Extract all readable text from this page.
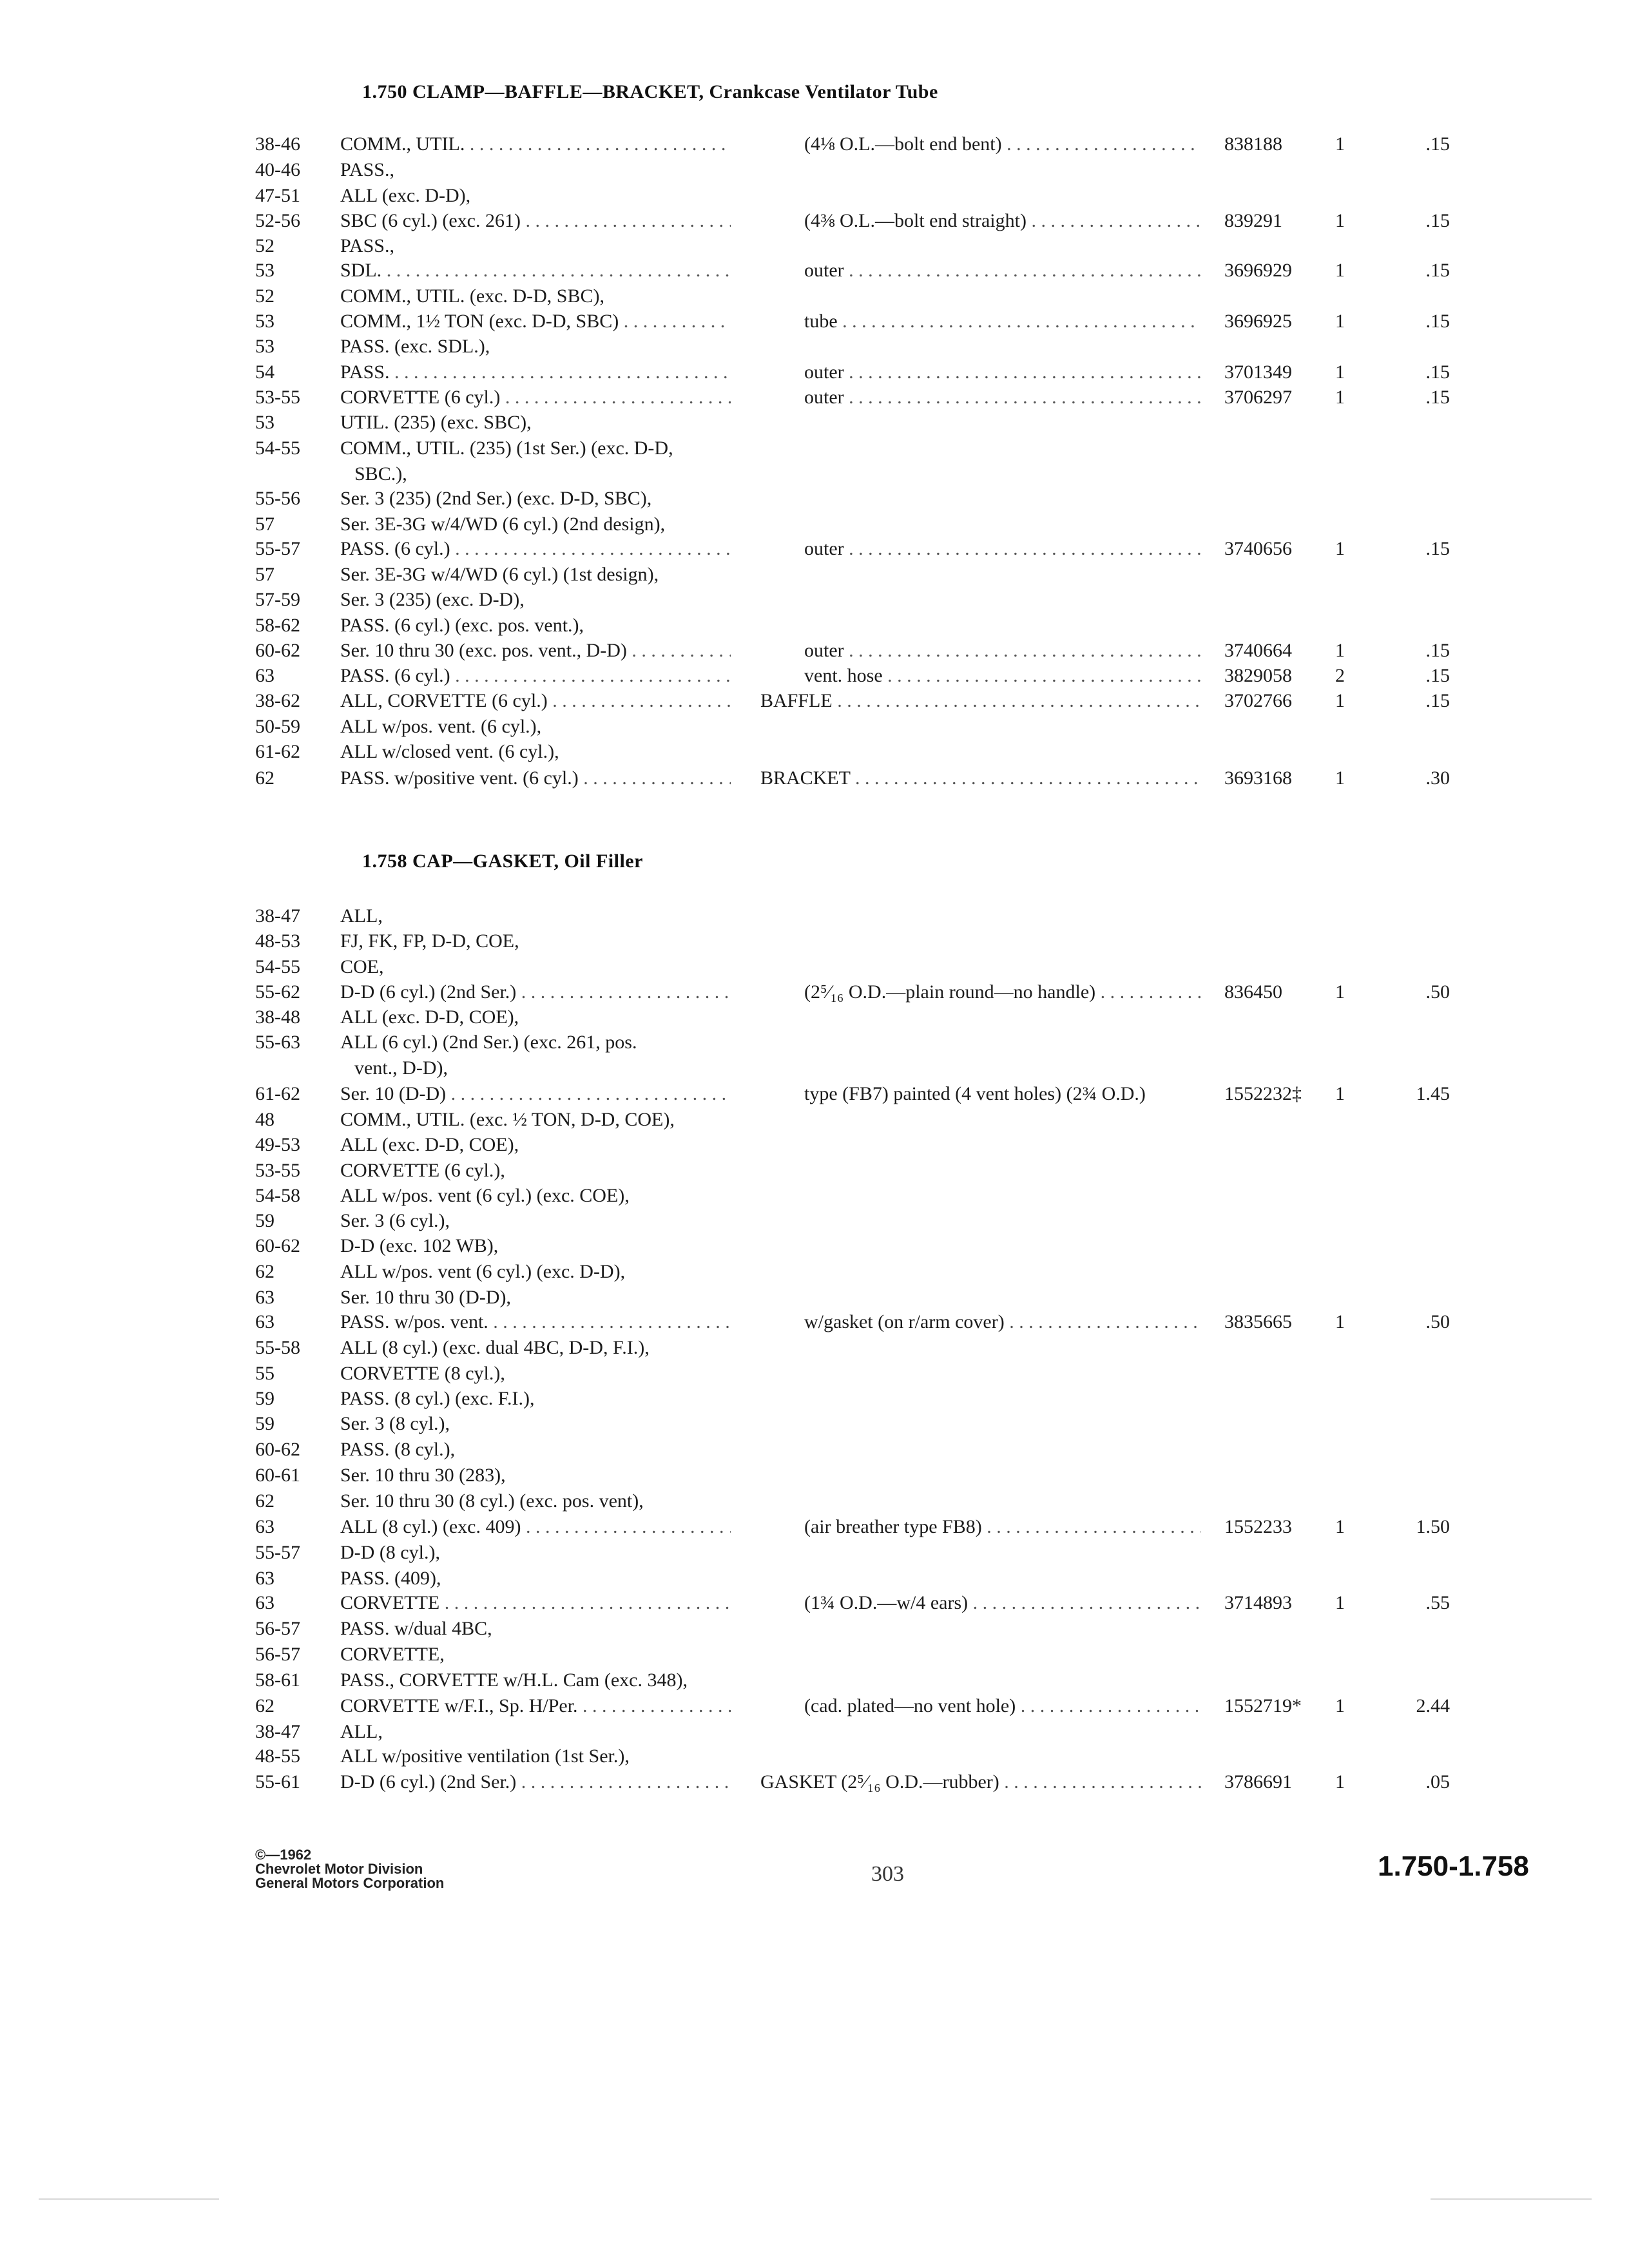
1.750 CLAMP—BAFFLE—BRACKET, Crankcase Ventilator Tube
38-46 COMM., UTIL. . . .	(4⅛ O.L.—bolt end bent) . . .	838188	1	.15
40-46 PASS.,
47-51 ALL (exc. D-D),
52-56 SBC (6 cyl.) (exc. 261) . . .	(4⅜ O.L.—bolt end straight) . . .	839291	1	.15
52	PASS.,
53	SDL. . . .	outer . . .	3696929 1	.15
52	COMM., UTIL. (exc. D-D, SBC),
53	COMM., 1½ TON (exc. D-D, SBC) . . .	tube . . .	3696925 1	.15
53	PASS. (exc. SDL.),
54	PASS. . . .	outer . . .	3701349 1	.15
53-55 CORVETTE (6 cyl.) . . .	outer . . .	3706297 1	.15
53	UTIL. (235) (exc. SBC),
54-55 COMM., UTIL. (235) (1st Ser.) (exc. D-D,
SBC.),
55-56 Ser. 3 (235) (2nd Ser.) (exc. D-D, SBC),
57	Ser. 3E-3G w/4/WD (6 cyl.) (2nd design),
55-57 PASS. (6 cyl.) . . .	outer . . .	3740656 1	.15
57	Ser. 3E-3G w/4/WD (6 cyl.) (1st design),
57-59 Ser. 3 (235) (exc. D-D),
58-62 PASS. (6 cyl.) (exc. pos. vent.),
60-62 Ser. 10 thru 30 (exc. pos. vent., D-D) . . .	outer . . .	3740664 1	.15
63	PASS. (6 cyl.) . . .	vent. hose . . .	3829058 2	.15
38-62 ALL, CORVETTE (6 cyl.) . . .	BAFFLE . . .	3702766 1	.15
50-59 ALL w/pos. vent. (6 cyl.),
61-62 ALL w/closed vent. (6 cyl.),
62	PASS. w/positive vent. (6 cyl.) . . .	BRACKET . . .	3693168 1	.30
1.758 CAP—GASKET, Oil Filler
38-47 ALL,
48-53 FJ, FK, FP, D-D, COE,
54-55 COE,
55-62 D-D (6 cyl.) (2nd Ser.) . . .	(2⁵⁄₁₆ O.D.—plain round—no handle) . . .	836450	1	.50
38-48 ALL (exc. D-D, COE),
55-63 ALL (6 cyl.) (2nd Ser.) (exc. 261, pos.
vent., D-D),
61-62 Ser. 10 (D-D) . . .	type (FB7) painted (4 vent holes) (2¾ O.D.)	1552232‡ 1	1.45
48	COMM., UTIL. (exc. ½ TON, D-D, COE),
49-53 ALL (exc. D-D, COE),
53-55 CORVETTE (6 cyl.),
54-58 ALL w/pos. vent (6 cyl.) (exc. COE),
59	Ser. 3 (6 cyl.),
60-62 D-D (exc. 102 WB),
62	ALL w/pos. vent (6 cyl.) (exc. D-D),
63	Ser. 10 thru 30 (D-D),
63	PASS. w/pos. vent. . . .	w/gasket (on r/arm cover) . . .	3835665 1	.50
55-58 ALL (8 cyl.) (exc. dual 4BC, D-D, F.I.),
55	CORVETTE (8 cyl.),
59	PASS. (8 cyl.) (exc. F.I.),
59	Ser. 3 (8 cyl.),
60-62 PASS. (8 cyl.),
60-61 Ser. 10 thru 30 (283),
62	Ser. 10 thru 30 (8 cyl.) (exc. pos. vent),
63	ALL (8 cyl.) (exc. 409) . . .	(air breather type FB8) . . .	1552233 1	1.50
55-57 D-D (8 cyl.),
63	PASS. (409),
63	CORVETTE . . .	(1¾ O.D.—w/4 ears) . . .	3714893 1	.55
56-57 PASS. w/dual 4BC,
56-57 CORVETTE,
58-61 PASS., CORVETTE w/H.L. Cam (exc. 348),
62	CORVETTE w/F.I., Sp. H/Per. . . .	(cad. plated—no vent hole) . . .	1552719* 1	2.44
38-47 ALL,
48-55 ALL w/positive ventilation (1st Ser.),
55-61 D-D (6 cyl.) (2nd Ser.) . . .	GASKET (2⁵⁄₁₆ O.D.—rubber) . . .	3786691 1	.05
©—1962
Chevrolet Motor Division
General Motors Corporation	303	1.750-1.758
